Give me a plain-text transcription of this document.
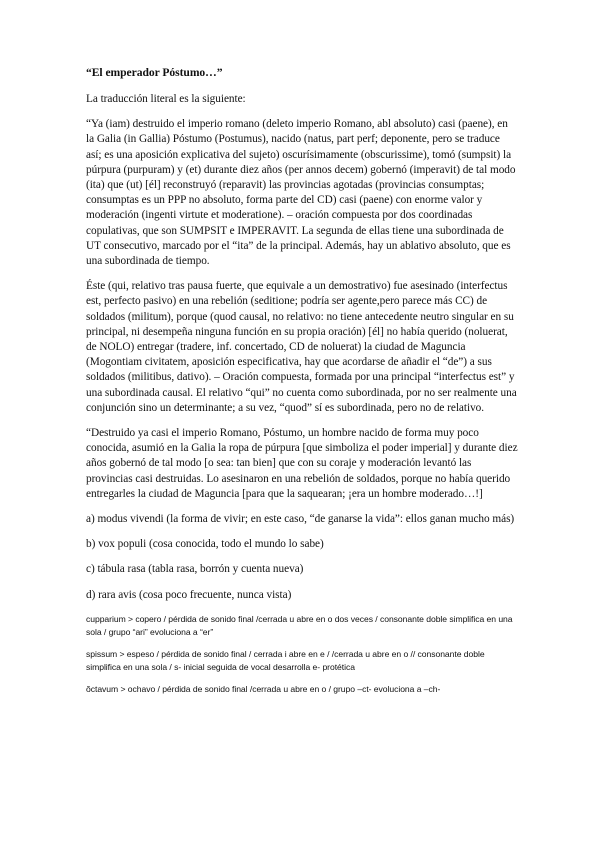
“El emperador Póstumo…”

La traducción literal es la siguiente:

“Ya (iam) destruido el imperio romano (deleto imperio Romano, abl absoluto) casi (paene), en la Galia (in Gallia) Póstumo (Postumus), nacido (natus, part perf; deponente, pero se traduce así; es una aposición explicativa del sujeto) oscurísimamente (obscurissime), tomó (sumpsit) la púrpura (purpuram) y (et) durante diez años (per annos decem) gobernó (imperavit) de tal modo (ita) que (ut) [él] reconstruyó (reparavit) las provincias agotadas (provincias consumptas; consumptas es un PPP no absoluto, forma parte del CD) casi (paene) con enorme valor y moderación (ingenti virtute et moderatione). – oración compuesta por dos coordinadas copulativas, que son SUMPSIT e IMPERAVIT. La segunda de ellas tiene una subordinada de UT consecutivo, marcado por el “ita” de la principal. Además, hay un ablativo absoluto, que es una subordinada de tiempo.

Éste (qui, relativo tras pausa fuerte, que equivale a un demostrativo) fue asesinado (interfectus est, perfecto pasivo) en una rebelión (seditione; podría ser agente,pero parece más CC) de soldados (militum), porque (quod causal, no relativo: no tiene antecedente neutro singular en su principal, ni desempeña ninguna función en su propia oración) [él] no había querido (noluerat, de NOLO) entregar (tradere, inf. concertado, CD de noluerat) la ciudad de Maguncia (Mogontiam civitatem, aposición especificativa, hay que acordarse de añadir el “de”) a sus soldados (militibus, dativo). – Oración compuesta, formada por una principal “interfectus est” y una subordinada causal. El relativo “qui” no cuenta como subordinada, por no ser realmente una conjunción sino un determinante; a su vez, “quod” sí es subordinada, pero no de relativo.

“Destruido ya casi el imperio Romano, Póstumo, un hombre nacido de forma muy poco conocida, asumió en la Galia la ropa de púrpura [que simboliza el poder imperial] y durante diez años gobernó de tal modo [o sea: tan bien] que con su coraje y moderación levantó las provincias casi destruidas. Lo asesinaron en una rebelión de soldados, porque no había querido entregarles la ciudad de Maguncia [para que la saquearan; ¡era un hombre moderado…!]

a) modus vivendi (la forma de vivir; en este caso, “de ganarse la vida”: ellos ganan mucho más)

b) vox populi (cosa conocida, todo el mundo lo sabe)

c) tábula rasa (tabla rasa, borrón y cuenta nueva)

d) rara avis (cosa poco frecuente, nunca vista)

cupparium > copero / pérdida de sonido final /cerrada u abre en o dos veces / consonante doble simplifica en una sola / grupo “ari” evoluciona a “er”

spissum > espeso / pérdida de sonido final / cerrada i abre en e / /cerrada u abre en o // consonante doble simplifica en una sola / s- inicial seguida de vocal desarrolla e- protética

ŏctavum > ochavo / pérdida de sonido final /cerrada u abre en o / grupo –ct- evoluciona a –ch-
